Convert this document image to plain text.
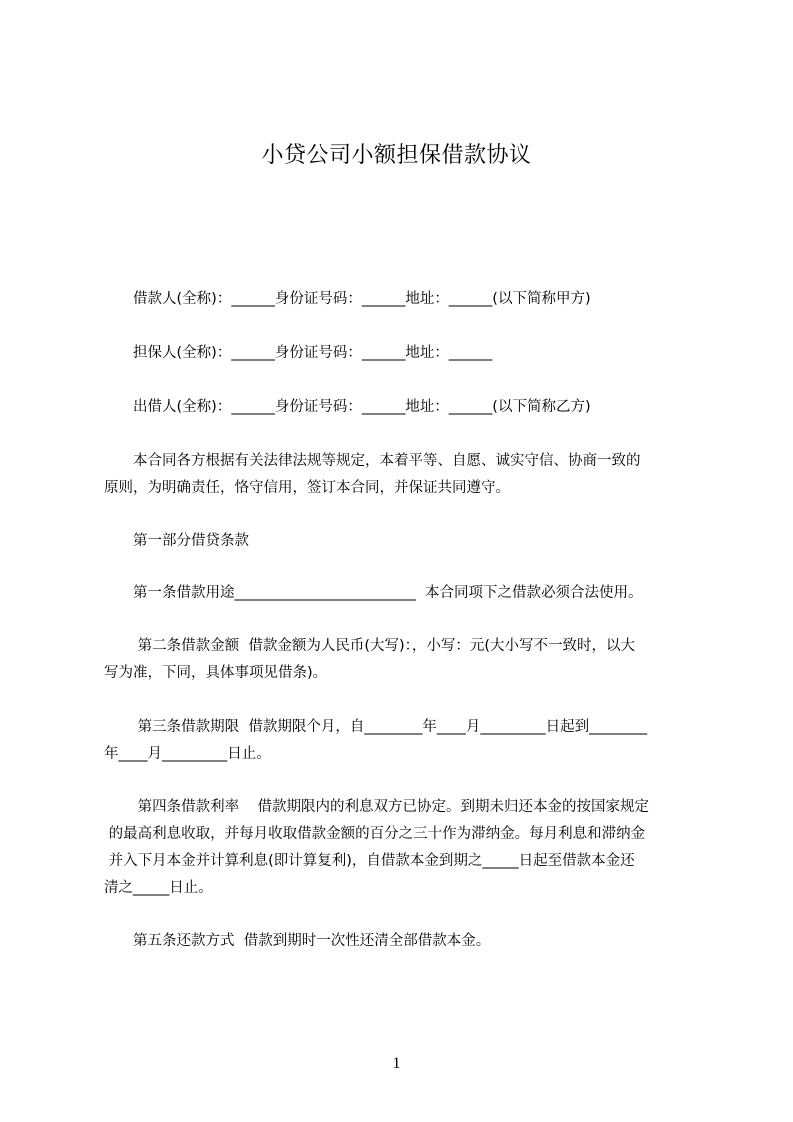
小贷公司小额担保借款协议
　　借款人(全称)：______身份证号码：______地址：______(以下简称甲方)
　　担保人(全称)：______身份证号码：______地址：______
　　出借人(全称)：______身份证号码：______地址：______(以下简称乙方)
　　本合同各方根据有关法律法规等规定，本着平等、自愿、诚实守信、协商一致的
原则，为明确责任，恪守信用，签订本合同，并保证共同遵守。
　　第一部分借贷条款
　　第一条借款用途_________________________  本合同项下之借款必须合法使用。
　　 第二条借款金额  借款金额为人民币(大写)：，小写：元(大小写不一致时，以大
写为准，下同，具体事项见借条)。
　　 第三条借款期限  借款期限个月，自________年____月_________日起到________
年____月_________日止。
　　 第四条借款利率    借款期限内的利息双方已协定。到期未归还本金的按国家规定
的最高利息收取，并每月收取借款金额的百分之三十作为滞纳金。每月利息和滞纳金
并入下月本金并计算利息(即计算复利)，自借款本金到期之_____日起至借款本金还
清之_____日止。
　　第五条还款方式  借款到期时一次性还清全部借款本金。
1
